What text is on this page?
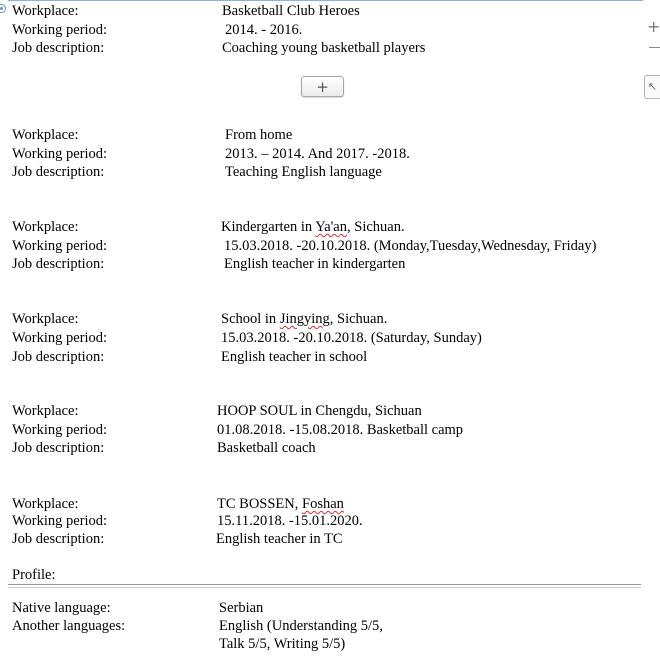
Workplace:	Basketball Club Heroes
Working period:	2014. - 2016.
Job description:	Coaching young basketball players
+
Workplace:	From home
Working period:	2013. – 2014. And 2017. -2018.
Job description:	Teaching English language
Workplace:	Kindergarten in Ya'an, Sichuan.
Working period:	15.03.2018. -20.10.2018. (Monday,Tuesday,Wednesday, Friday)
Job description:	English teacher in kindergarten
Workplace:	School in Jingying, Sichuan.
Working period:	15.03.2018. -20.10.2018. (Saturday, Sunday)
Job description:	English teacher in school
Workplace:	HOOP SOUL in Chengdu, Sichuan
Working period:	01.08.2018. -15.08.2018. Basketball camp
Job description:	Basketball coach
Workplace:	TC BOSSEN, Foshan
Working period:	15.11.2018. -15.01.2020.
Job description:	English teacher in TC
Profile:
Native language:	Serbian
Another languages:	English (Understanding 5/5,
Talk 5/5, Writing 5/5)
+
↖
